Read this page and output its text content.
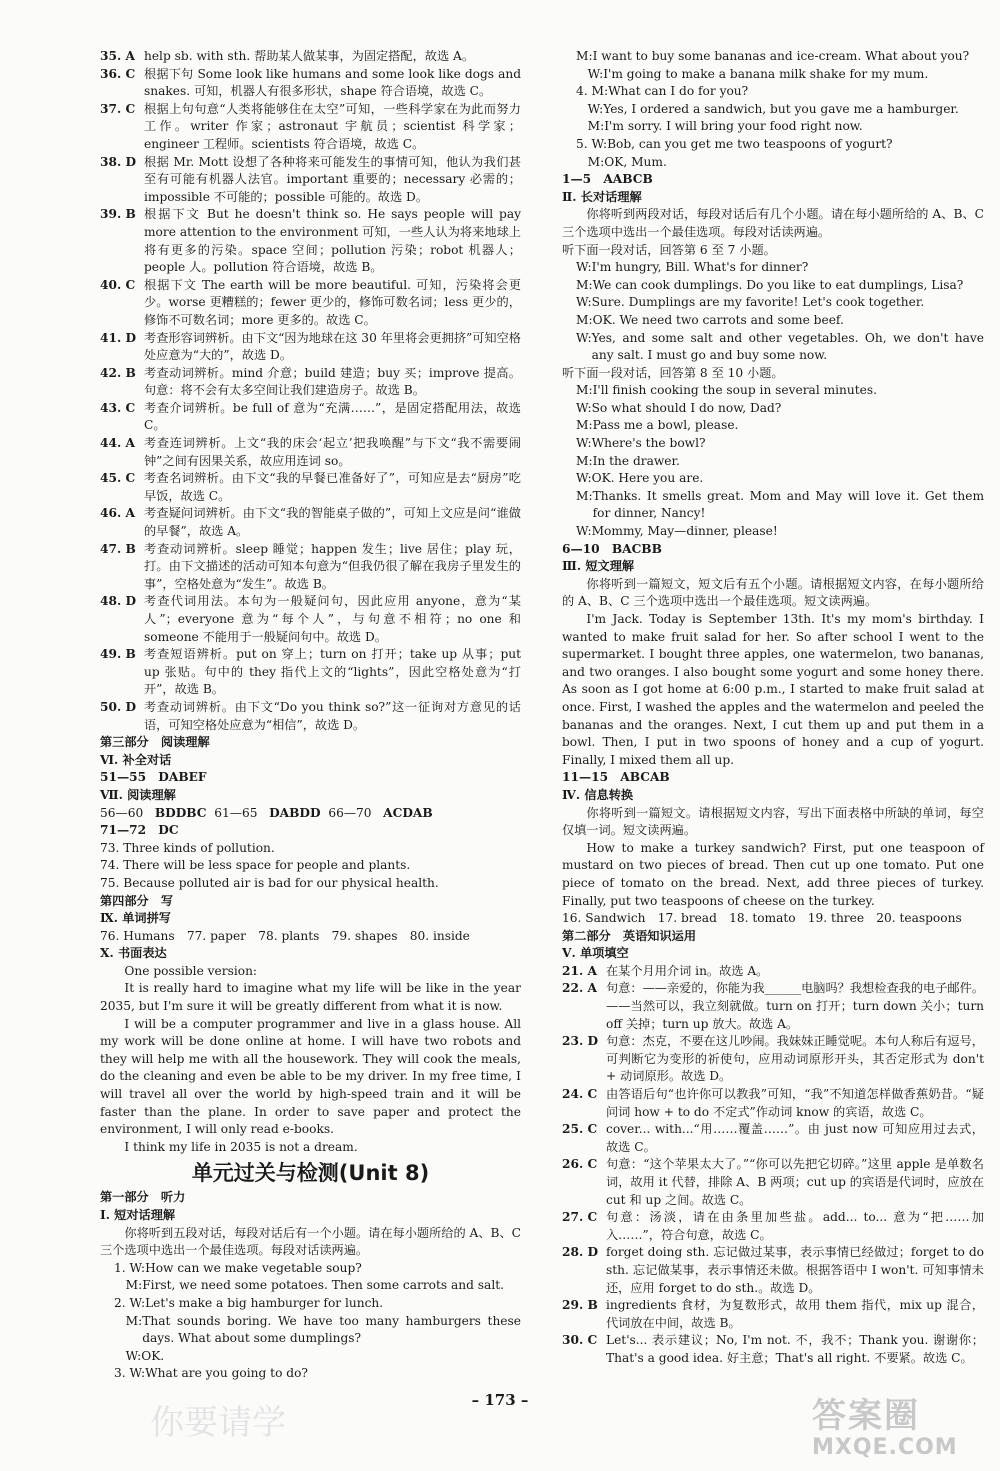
35. A help sb. with sth. 帮助某人做某事，为固定搭配，故选 A。
36. C 根据下句 Some look like humans and some look like dogs and snakes. 可知，机器人有很多形状，shape 符合语境，故选 C。
37. C 根据上句句意“人类将能够住在太空”可知，一些科学家在为此而努力工作。writer 作家；astronaut 宇航员；scientist 科学家；engineer 工程师。scientists 符合语境，故选 C。
38. D 根据 Mr. Mott 设想了各种将来可能发生的事情可知，他认为我们甚至有可能有机器人法官。important 重要的；necessary 必需的；impossible 不可能的；possible 可能的。故选 D。
39. B 根据下文 But he doesn't think so. He says people will pay more attention to the environment 可知，一些人认为将来地球上将有更多的污染。space 空间；pollution 污染；robot 机器人；people 人。pollution 符合语境，故选 B。
40. C 根据下文 The earth will be more beautiful. 可知，污染将会更少。worse 更糟糕的；fewer 更少的，修饰可数名词；less 更少的，修饰不可数名词；more 更多的。故选 C。
41. D 考查形容词辨析。由下文“因为地球在这 30 年里将会更拥挤”可知空格处应意为“大的”，故选 D。
42. B 考查动词辨析。mind 介意；build 建造；buy 买；improve 提高。句意：将不会有太多空间让我们建造房子。故选 B。
43. C 考查介词辨析。be full of 意为“充满……”，是固定搭配用法，故选 C。
44. A 考查连词辨析。上文“我的床会‘起立’把我唤醒”与下文“我不需要闹钟”之间有因果关系，故应用连词 so。
45. C 考查名词辨析。由下文“我的早餐已准备好了”，可知应是去“厨房”吃早饭，故选 C。
46. A 考查疑问词辨析。由下文“我的智能桌子做的”，可知上文应是问“谁做的早餐”，故选 A。
47. B 考查动词辨析。sleep 睡觉；happen 发生；live 居住；play 玩，打。由下文描述的活动可知本句意为“但我仍很了解在我房子里发生的事”，空格处意为“发生”。故选 B。
48. D 考查代词用法。本句为一般疑问句，因此应用 anyone，意为“某人”；everyone 意为“每个人”，与句意不相符；no one 和 someone 不能用于一般疑问句中。故选 D。
49. B 考查短语辨析。put on 穿上；turn on 打开；take up 从事；put up 张贴。句中的 they 指代上文的“lights”，因此空格处意为“打开”，故选 B。
50. D 考查动词辨析。由下文“Do you think so?”这一征询对方意见的话语，可知空格处应意为“相信”，故选 D。
第三部分　阅读理解
Ⅵ. 补全对话
51—55　DABEF
Ⅶ. 阅读理解
56—60 BDDBC 61—65 DABDD 66—70 ACDAB
71—72　DC
73. Three kinds of pollution.
74. There will be less space for people and plants.
75. Because polluted air is bad for our physical health.
第四部分　写
Ⅸ. 单词拼写
76. Humans　77. paper　78. plants　79. shapes　80. inside
Ⅹ. 书面表达
One possible version:
It is really hard to imagine what my life will be like in the year 2035, but I'm sure it will be greatly different from what it is now.
I will be a computer programmer and live in a glass house. All my work will be done online at home. I will have two robots and they will help me with all the housework. They will cook the meals, do the cleaning and even be able to be my driver. In my free time, I will travel all over the world by high-speed train and it will be faster than the plane. In order to save paper and protect the environment, I will only read e-books.
I think my life in 2035 is not a dream.
单元过关与检测(Unit 8)
第一部分　听力
Ⅰ. 短对话理解
你将听到五段对话，每段对话后有一个小题。请在每小题所给的 A、B、C 三个选项中选出一个最佳选项。每段对话读两遍。
1. W: How can we make vegetable soup?
M: First, we need some potatoes. Then some carrots and salt.
2. W: Let's make a big hamburger for lunch.
M: That sounds boring. We have too many hamburgers these days. What about some dumplings?
W: OK.
3. W: What are you going to do?
M: I want to buy some bananas and ice-cream. What about you?
W: I'm going to make a banana milk shake for my mum.
4. M: What can I do for you?
W: Yes, I ordered a sandwich, but you gave me a hamburger.
M: I'm sorry. I will bring your food right now.
5. W: Bob, can you get me two teaspoons of yogurt?
M: OK, Mum.
1—5　AABCB
Ⅱ. 长对话理解
你将听到两段对话，每段对话后有几个小题。请在每小题所给的 A、B、C 三个选项中选出一个最佳选项。每段对话读两遍。
听下面一段对话，回答第 6 至 7 小题。
W: I'm hungry, Bill. What's for dinner?
M: We can cook dumplings. Do you like to eat dumplings, Lisa?
W: Sure. Dumplings are my favorite! Let's cook together.
M: OK. We need two carrots and some beef.
W: Yes, and some salt and other vegetables. Oh, we don't have any salt. I must go and buy some now.
听下面一段对话，回答第 8 至 10 小题。
M: I'll finish cooking the soup in several minutes.
W: So what should I do now, Dad?
M: Pass me a bowl, please.
W: Where's the bowl?
M: In the drawer.
W: OK. Here you are.
M: Thanks. It smells great. Mom and May will love it. Get them for dinner, Nancy!
W: Mommy, May—dinner, please!
6—10　BACBB
Ⅲ. 短文理解
你将听到一篇短文，短文后有五个小题。请根据短文内容，在每小题所给的 A、B、C 三个选项中选出一个最佳选项。短文读两遍。
I'm Jack. Today is September 13th. It's my mom's birthday. I wanted to make fruit salad for her. So after school I went to the supermarket. I bought three apples, one watermelon, two bananas, and two oranges. I also bought some yogurt and some honey there. As soon as I got home at 6:00 p.m., I started to make fruit salad at once. First, I washed the apples and the watermelon and peeled the bananas and the oranges. Next, I cut them up and put them in a bowl. Then, I put in two spoons of honey and a cup of yogurt. Finally, I mixed them all up.
11—15　ABCAB
Ⅳ. 信息转换
你将听到一篇短文。请根据短文内容，写出下面表格中所缺的单词，每空仅填一词。短文读两遍。
How to make a turkey sandwich? First, put one teaspoon of mustard on two pieces of bread. Then cut up one tomato. Put one piece of tomato on the bread. Next, add three pieces of turkey. Finally, put two teaspoons of cheese on the turkey.
16. Sandwich　17. bread　18. tomato　19. three　20. teaspoons
第二部分　英语知识运用
Ⅴ. 单项填空
21. A 在某个月用介词 in。故选 A。
22. A 句意：——亲爱的，你能为我______电脑吗？我想检查我的电子邮件。——当然可以，我立刻就做。turn on 打开；turn down 关小；turn off 关掉；turn up 放大。故选 A。
23. D 句意：杰克，不要在这儿吵闹。我妹妹正睡觉呢。本句人称后有逗号，可判断它为变形的祈使句，应用动词原形开头，其否定形式为 don't + 动词原形。故选 D。
24. C 由答语后句“也许你可以教我”可知，“我”不知道怎样做香蕉奶昔。“疑问词 how + to do 不定式”作动词 know 的宾语，故选 C。
25. C cover... with...“用……覆盖……”。由 just now 可知应用过去式，故选 C。
26. C 句意：“这个苹果太大了。”“你可以先把它切碎。”这里 apple 是单数名词，故用 it 代替，排除 A、B 两项；cut up 的宾语是代词时，应放在 cut 和 up 之间。故选 C。
27. C 句意：汤淡，请在由条里加些盐。add... to... 意为“把……加入……”，符合句意，故选 C。
28. D forget doing sth. 忘记做过某事，表示事情已经做过；forget to do sth. 忘记做某事，表示事情还未做。根据答语中 I won't. 可知事情未还，应用 forget to do sth.。故选 D。
29. B ingredients 食材，为复数形式，故用 them 指代，mix up 混合，代词放在中间，故选 B。
30. C Let's... 表示建议；No, I'm not. 不，我不；Thank you. 谢谢你；That's a good idea. 好主意；That's all right. 不要紧。故选 C。
– 173 –
你要请学	答案圈
MXQE.COM
